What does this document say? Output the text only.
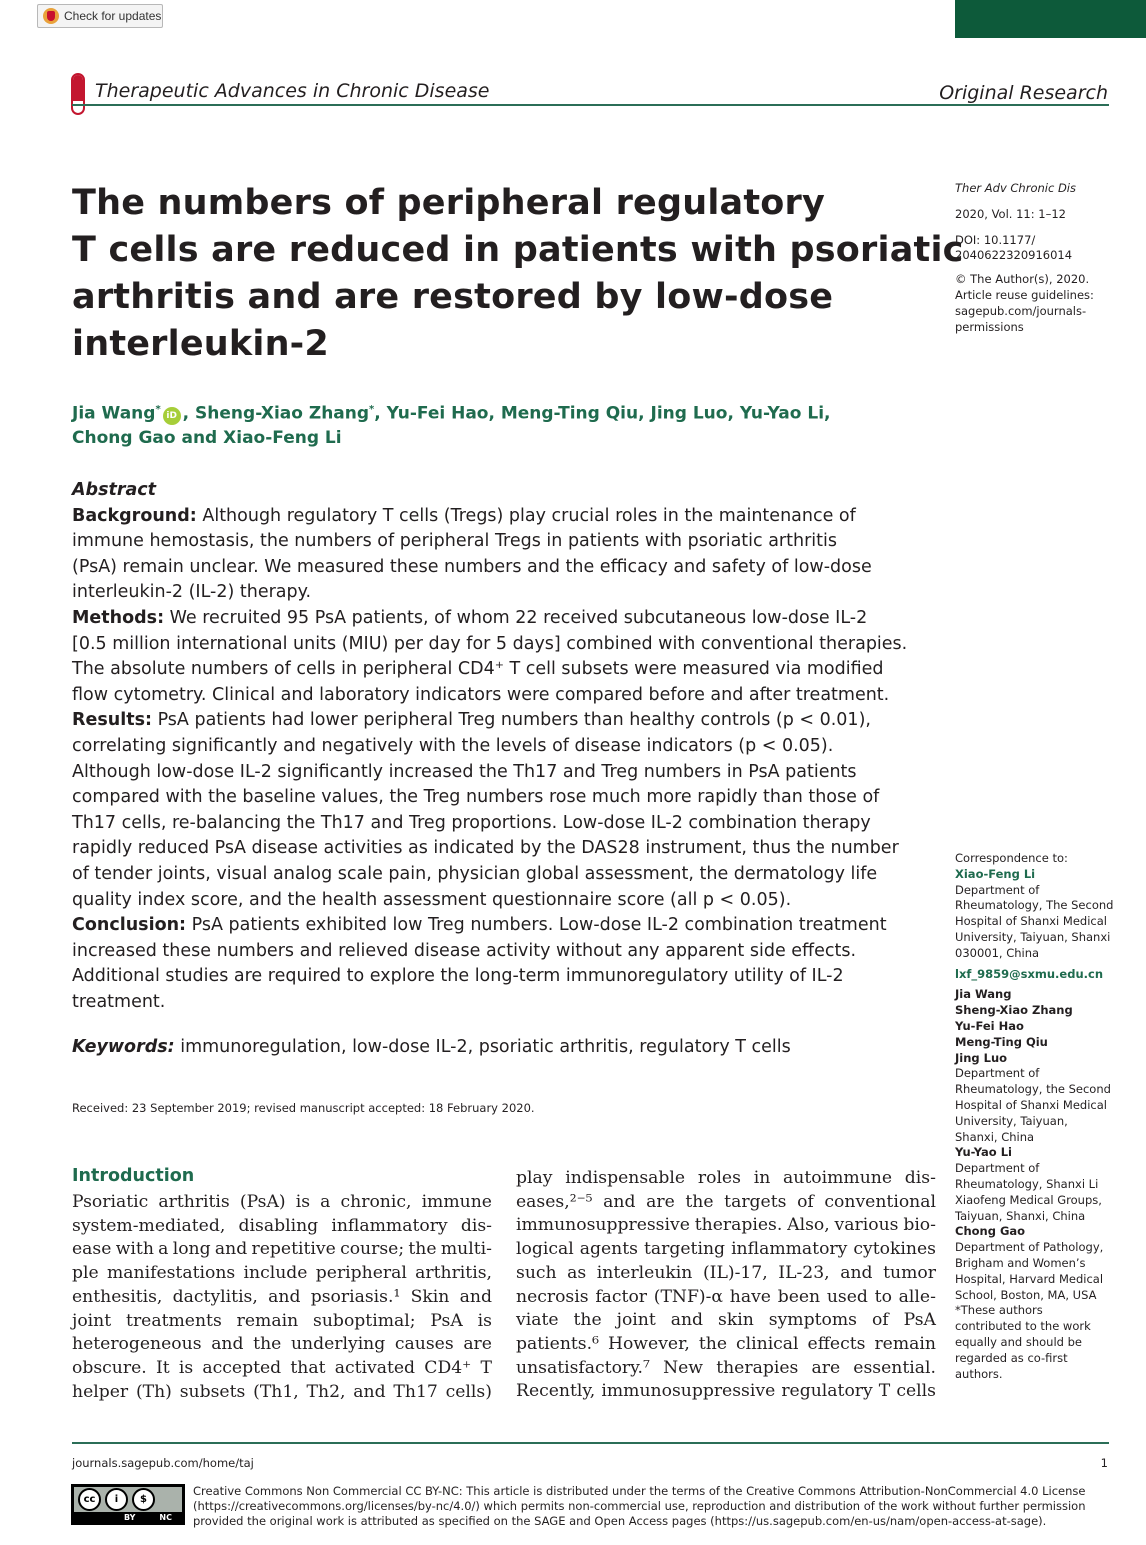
Check for updates
Therapeutic Advances in Chronic Disease	Original Research
The numbers of peripheral regulatory
T cells are reduced in patients with psoriatic
arthritis and are restored by low-dose
interleukin-2
Jia Wang*iD , Sheng-Xiao Zhang*, Yu-Fei Hao, Meng-Ting Qiu, Jing Luo, Yu-Yao Li,
Chong Gao and Xiao-Feng Li
Abstract
Background: Although regulatory T cells (Tregs) play crucial roles in the maintenance of
immune hemostasis, the numbers of peripheral Tregs in patients with psoriatic arthritis
(PsA) remain unclear. We measured these numbers and the efficacy and safety of low-dose
interleukin-2 (IL-2) therapy.
Methods: We recruited 95 PsA patients, of whom 22 received subcutaneous low-dose IL-2
[0.5 million international units (MIU) per day for 5 days] combined with conventional therapies.
The absolute numbers of cells in peripheral CD4⁺ T cell subsets were measured via modified
flow cytometry. Clinical and laboratory indicators were compared before and after treatment.
Results: PsA patients had lower peripheral Treg numbers than healthy controls (p < 0.01),
correlating significantly and negatively with the levels of disease indicators (p < 0.05).
Although low-dose IL-2 significantly increased the Th17 and Treg numbers in PsA patients
compared with the baseline values, the Treg numbers rose much more rapidly than those of
Th17 cells, re-balancing the Th17 and Treg proportions. Low-dose IL-2 combination therapy
rapidly reduced PsA disease activities as indicated by the DAS28 instrument, thus the number
of tender joints, visual analog scale pain, physician global assessment, the dermatology life
quality index score, and the health assessment questionnaire score (all p < 0.05).
Conclusion: PsA patients exhibited low Treg numbers. Low-dose IL-2 combination treatment
increased these numbers and relieved disease activity without any apparent side effects.
Additional studies are required to explore the long-term immunoregulatory utility of IL-2
treatment.
Keywords: immunoregulation, low-dose IL-2, psoriatic arthritis, regulatory T cells
Received: 23 September 2019; revised manuscript accepted: 18 February 2020.
Ther Adv Chronic Dis
2020, Vol. 11: 1–12
DOI: 10.1177/
2040622320916014
© The Author(s), 2020.
Article reuse guidelines:
sagepub.com/journals-
permissions
Correspondence to:
Xiao-Feng Li
Department of
Rheumatology, The Second
Hospital of Shanxi Medical
University, Taiyuan, Shanxi
030001, China
lxf_9859@sxmu.edu.cn
Jia Wang
Sheng-Xiao Zhang
Yu-Fei Hao
Meng-Ting Qiu
Jing Luo
Department of
Rheumatology, the Second
Hospital of Shanxi Medical
University, Taiyuan,
Shanxi, China
Yu-Yao Li
Department of
Rheumatology, Shanxi Li
Xiaofeng Medical Groups,
Taiyuan, Shanxi, China
Chong Gao
Department of Pathology,
Brigham and Women’s
Hospital, Harvard Medical
School, Boston, MA, USA
*These authors
contributed to the work
equally and should be
regarded as co-first
authors.
Introduction
Psoriatic arthritis (PsA) is a chronic, immune
system-mediated, disabling inflammatory dis-
ease with a long and repetitive course; the multi-
ple manifestations include peripheral arthritis,
enthesitis, dactylitis, and psoriasis.¹ Skin and
joint treatments remain suboptimal; PsA is
heterogeneous and the underlying causes are
obscure. It is accepted that activated CD4⁺ T
helper (Th) subsets (Th1, Th2, and Th17 cells)
play indispensable roles in autoimmune dis-
eases,²⁻⁵ and are the targets of conventional
immunosuppressive therapies. Also, various bio-
logical agents targeting inflammatory cytokines
such as interleukin (IL)-17, IL-23, and tumor
necrosis factor (TNF)-α have been used to alle-
viate the joint and skin symptoms of PsA
patients.⁶ However, the clinical effects remain
unsatisfactory.⁷ New therapies are essential.
Recently, immunosuppressive regulatory T cells
journals.sagepub.com/home/taj	1
cc	i	$
BY	NC
Creative Commons Non Commercial CC BY-NC: This article is distributed under the terms of the Creative Commons Attribution-NonCommercial 4.0 License
(https://creativecommons.org/licenses/by-nc/4.0/) which permits non-commercial use, reproduction and distribution of the work without further permission
provided the original work is attributed as specified on the SAGE and Open Access pages (https://us.sagepub.com/en-us/nam/open-access-at-sage).
